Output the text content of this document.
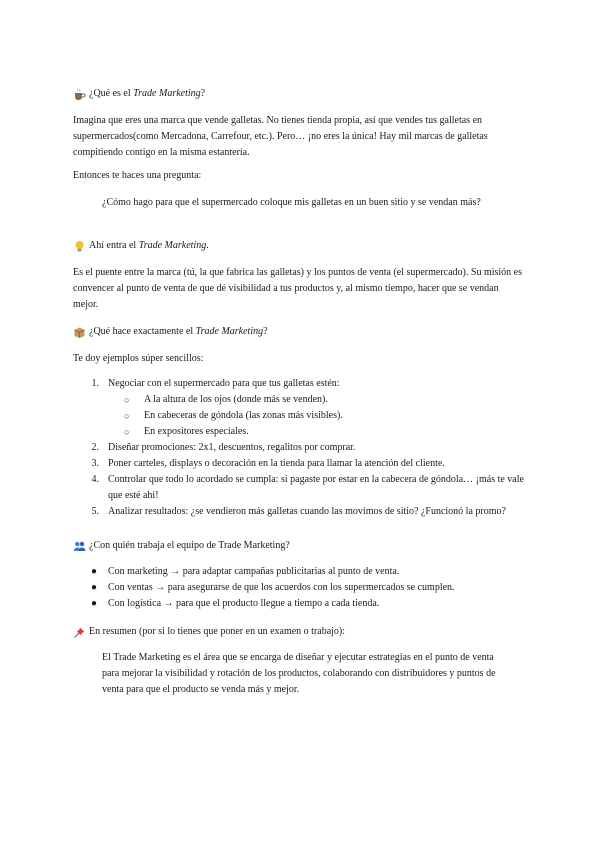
¿Qué es el Trade Marketing?

Imagina que eres una marca que vende galletas. No tienes tienda propia, así que vendes tus galletas en supermercados(como Mercadona, Carrefour, etc.). Pero… ¡no eres la única! Hay mil marcas de galletas compitiendo contigo en la misma estantería.

Entonces te haces una pregunta:

¿Cómo hago para que el supermercado coloque mis galletas en un buen sitio y se vendan más?

Ahí entra el Trade Marketing.

Es el puente entre la marca (tú, la que fabrica las galletas) y los puntos de venta (el supermercado). Su misión es convencer al punto de venta de que dé visibilidad a tus productos y, al mismo tiempo, hacer que se vendan mejor.

¿Qué hace exactamente el Trade Marketing?

Te doy ejemplos súper sencillos:

1. Negociar con el supermercado para que tus galletas estén:
○	A la altura de los ojos (donde más se venden).
○	En cabeceras de góndola (las zonas más visibles).
○	En expositores especiales.
2. Diseñar promociones: 2x1, descuentos, regalitos por comprar.
3. Poner carteles, displays o decoración en la tienda para llamar la atención del cliente.
4. Controlar que todo lo acordado se cumpla: si pagaste por estar en la cabecera de góndola… ¡más te vale que esté ahí!
5. Analizar resultados: ¿se vendieron más galletas cuando las movimos de sitio? ¿Funcionó la promo?
¿Con quién trabaja el equipo de Trade Marketing?
●	Con marketing → para adaptar campañas publicitarias al punto de venta.
●	Con ventas → para asegurarse de que los acuerdos con los supermercados se cumplen.
●	Con logística → para que el producto llegue a tiempo a cada tienda.
En resumen (por si lo tienes que poner en un examen o trabajo):

El Trade Marketing es el área que se encarga de diseñar y ejecutar estrategias en el punto de venta para mejorar la visibilidad y rotación de los productos, colaborando con distribuidores y puntos de venta para que el producto se venda más y mejor.
